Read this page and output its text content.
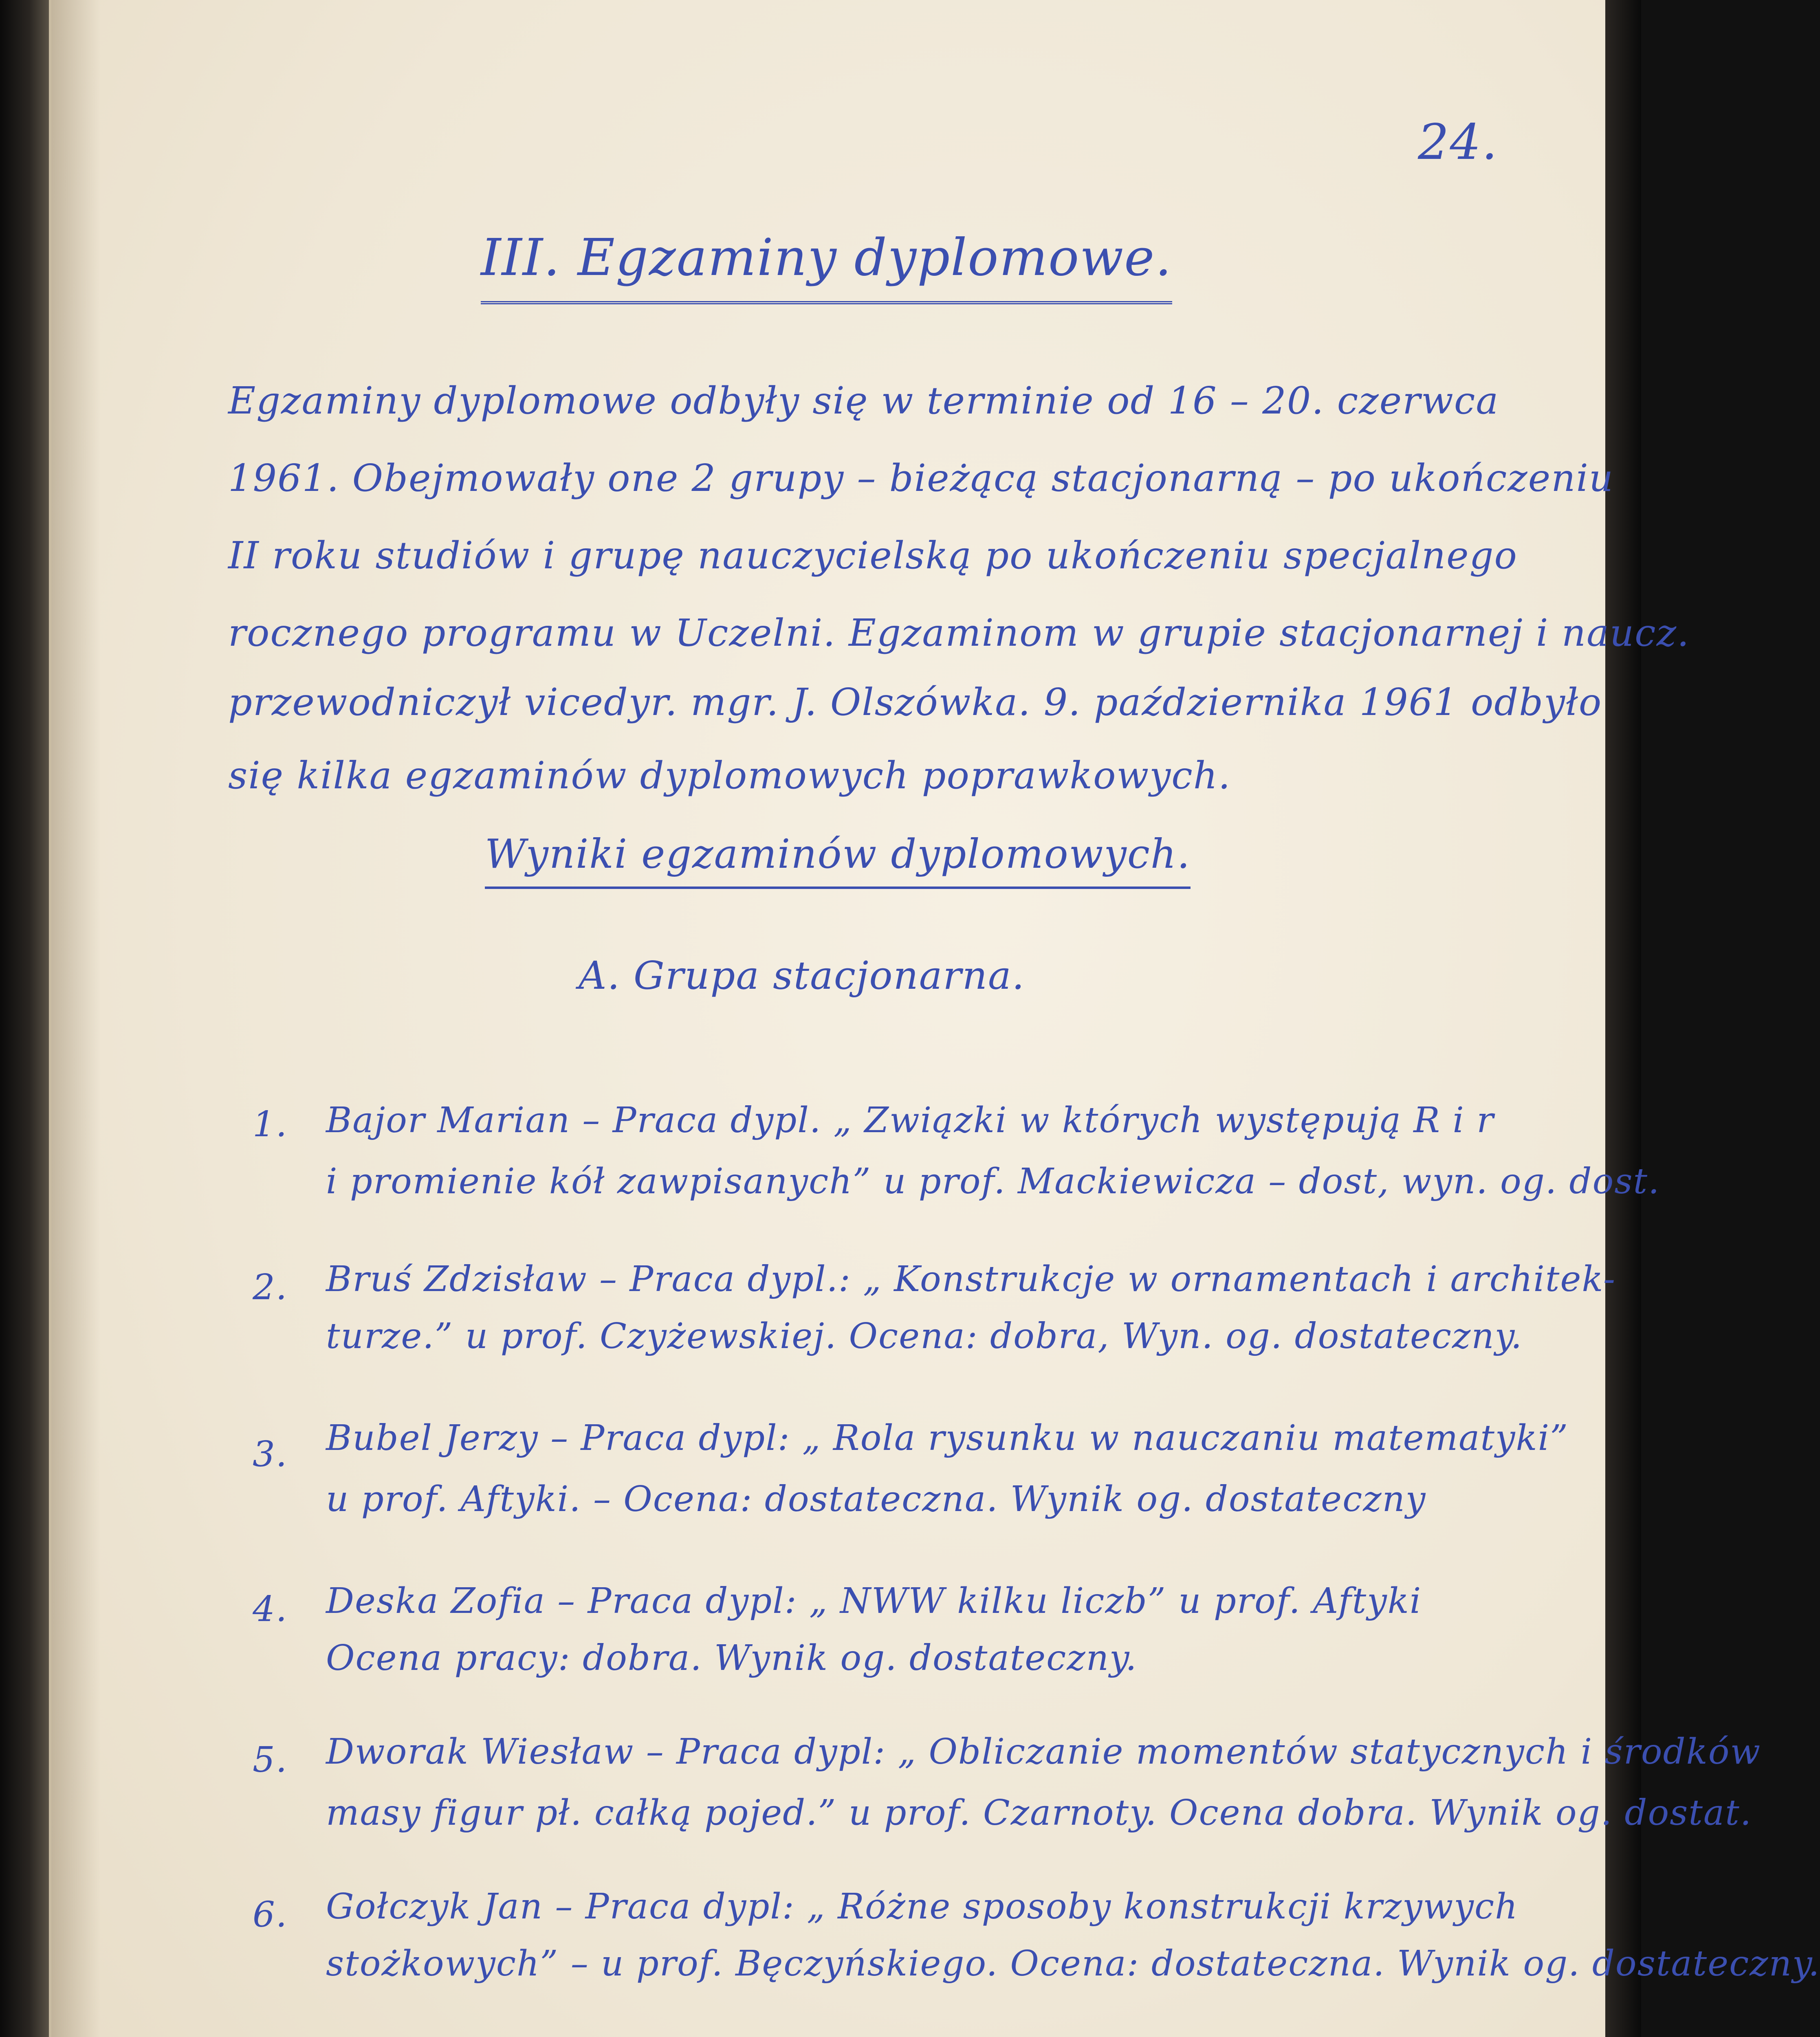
24.
III. Egzaminy dyplomowe.
Egzaminy dyplomowe odbyły się w terminie od 16 – 20. czerwca
1961. Obejmowały one 2 grupy – bieżącą stacjonarną – po ukończeniu
II roku studiów i grupę nauczycielską po ukończeniu specjalnego
rocznego programu w Uczelni. Egzaminom w grupie stacjonarnej i naucz.
przewodniczył vicedyr. mgr. J. Olszówka. 9. października 1961 odbyło
się kilka egzaminów dyplomowych poprawkowych.
Wyniki egzaminów dyplomowych.
A. Grupa stacjonarna.
1. Bajor Marian – Praca dypl. „ Związki w których występują R i r
i promienie kół zawpisanych” u prof. Mackiewicza – dost, wyn. og. dost.
2. Bruś Zdzisław – Praca dypl.: „ Konstrukcje w ornamentach i architek-
turze.” u prof. Czyżewskiej. Ocena: dobra, Wyn. og. dostateczny.
3. Bubel Jerzy – Praca dypl: „ Rola rysunku w nauczaniu matematyki”
u prof. Aftyki. – Ocena: dostateczna. Wynik og. dostateczny
4. Deska Zofia – Praca dypl: „ NWW kilku liczb” u prof. Aftyki
Ocena pracy: dobra. Wynik og. dostateczny.
5. Dworak Wiesław – Praca dypl: „ Obliczanie momentów statycznych i środków
masy figur pł. całką pojed.” u prof. Czarnoty. Ocena dobra. Wynik og. dostat.
6. Gołczyk Jan – Praca dypl: „ Różne sposoby konstrukcji krzywych
stożkowych” – u prof. Bęczyńskiego. Ocena: dostateczna. Wynik og. dostateczny.
